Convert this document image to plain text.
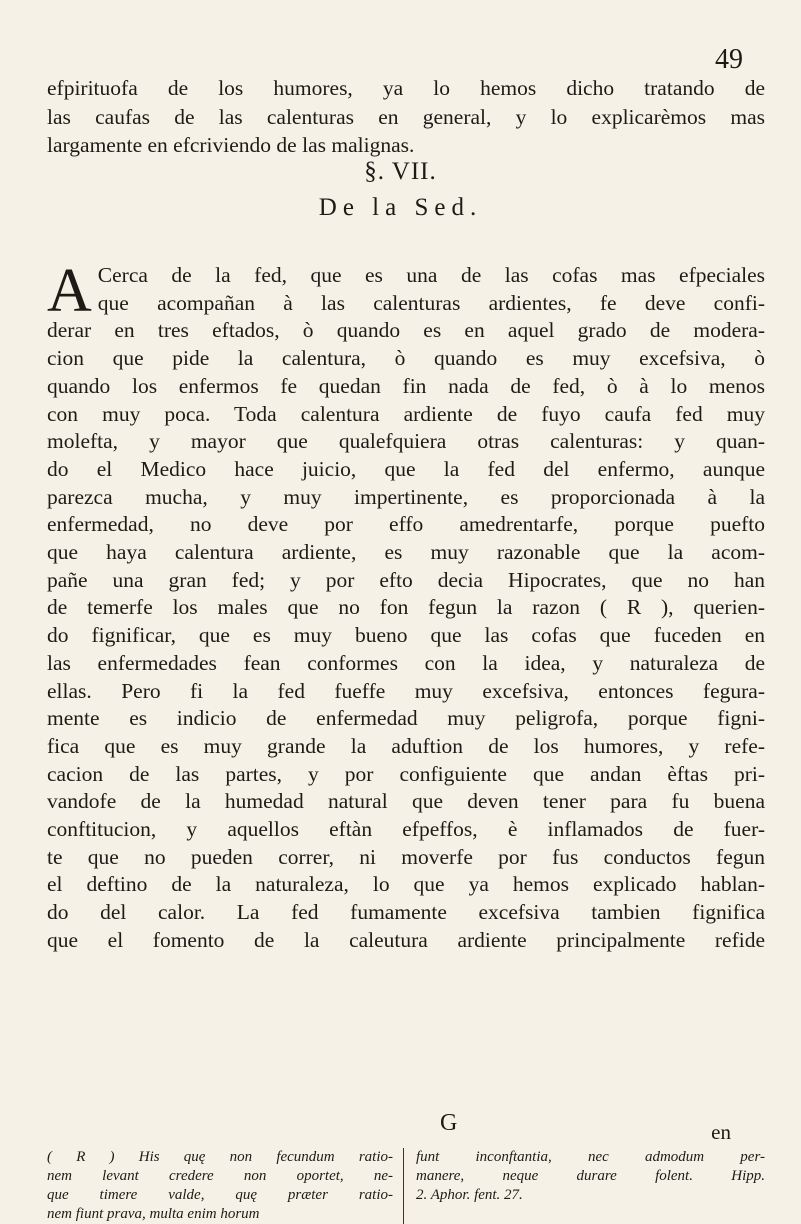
49
efpirituofa de los humores, ya lo hemos dicho tratando de
las caufas de las calenturas en general, y lo explicarèmos mas
largamente en efcriviendo de las malignas.
§. VII.
De la Sed.
A Cerca de la fed, que es una de las cofas mas efpeciales
que acompañan à las calenturas ardientes, fe deve confi-
derar en tres eftados, ò quando es en aquel grado de modera-
cion que pide la calentura, ò quando es muy excefsiva, ò
quando los enfermos fe quedan fin nada de fed, ò à lo menos
con muy poca. Toda calentura ardiente de fuyo caufa fed muy
molefta, y mayor que qualefquiera otras calenturas: y quan-
do el Medico hace juicio, que la fed del enfermo, aunque
parezca mucha, y muy impertinente, es proporcionada à la
enfermedad, no deve por effo amedrentarfe, porque puefto
que haya calentura ardiente, es muy razonable que la acom-
pañe una gran fed; y por efto decia Hipocrates, que no han
de temerfe los males que no fon fegun la razon ( R ), querien-
do fignificar, que es muy bueno que las cofas que fuceden en
las enfermedades fean conformes con la idea, y naturaleza de
ellas. Pero fi la fed fueffe muy excefsiva, entonces fegura-
mente es indicio de enfermedad muy peligrofa, porque figni-
fica que es muy grande la aduftion de los humores, y refe-
cacion de las partes, y por configuiente que andan èftas pri-
vandofe de la humedad natural que deven tener para fu buena
conftitucion, y aquellos eftàn efpeffos, è inflamados de fuer-
te que no pueden correr, ni moverfe por fus conductos fegun
el deftino de la naturaleza, lo que ya hemos explicado hablan-
do del calor. La fed fumamente excefsiva tambien fignifica
que el fomento de la caleutura ardiente principalmente refide
G	en
( R ) His quę non fecundum ratio-
nem levant credere non oportet, ne-
que timere valde, quę præter ratio-
nem fiunt prava, multa enim horum
funt inconftantia, nec admodum per-
manere, neque durare folent. Hipp.
2. Aphor. fent. 27.
